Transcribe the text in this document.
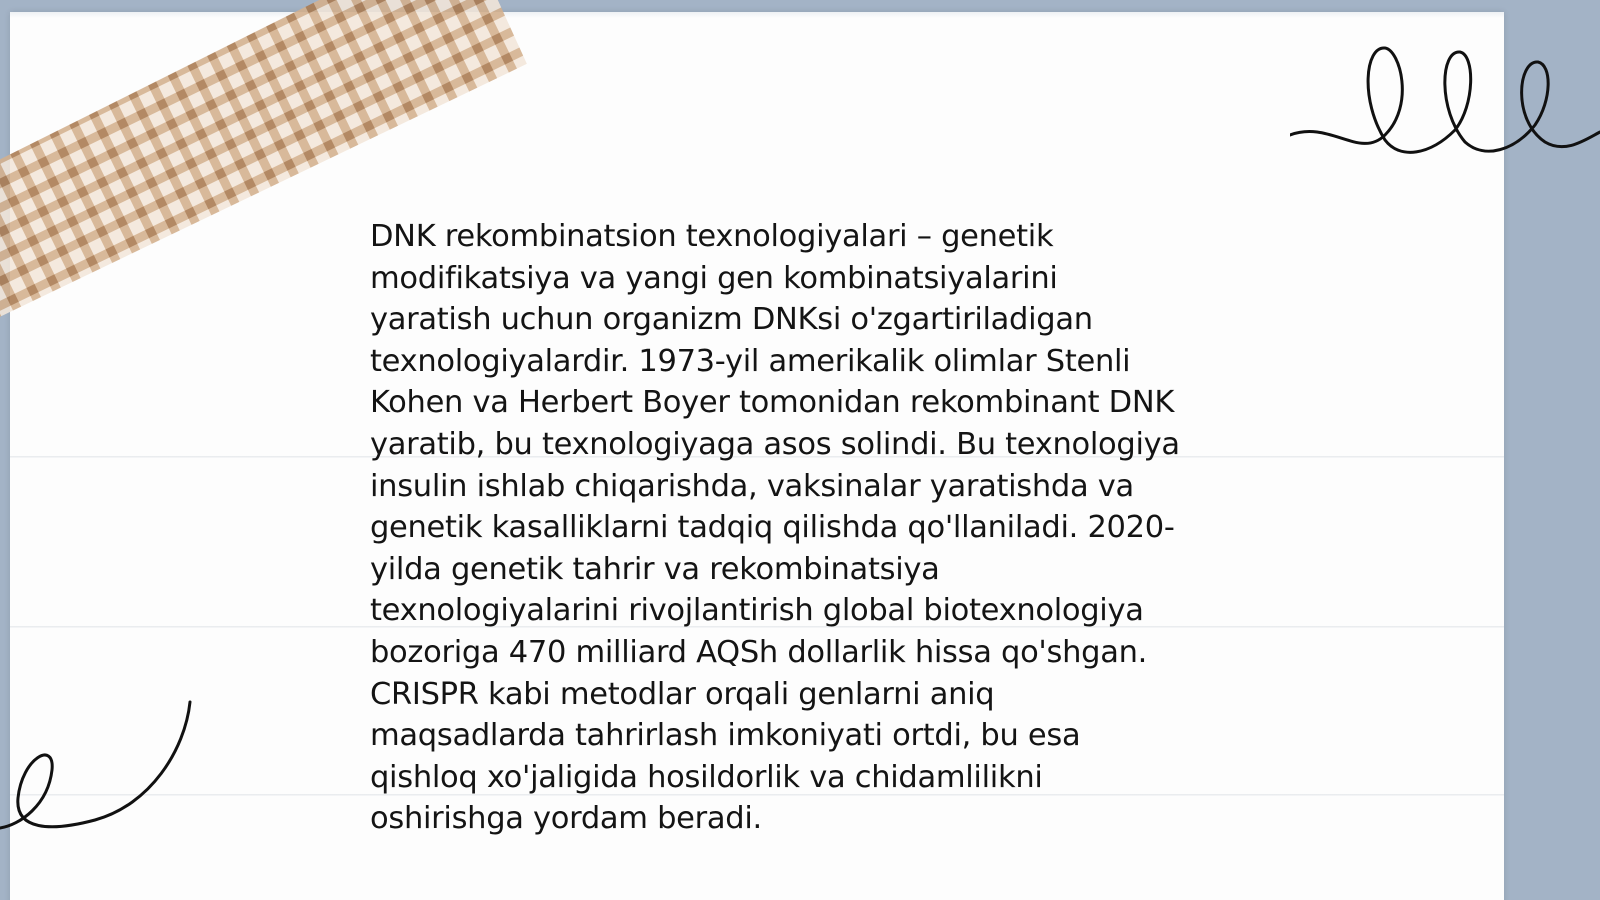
DNK rekombinatsion texnologiyalari – genetik
modifikatsiya va yangi gen kombinatsiyalarini
yaratish uchun organizm DNKsi o'zgartiriladigan
texnologiyalardir. 1973-yil amerikalik olimlar Stenli
Kohen va Herbert Boyer tomonidan rekombinant DNK
yaratib, bu texnologiyaga asos solindi. Bu texnologiya
insulin ishlab chiqarishda, vaksinalar yaratishda va
genetik kasalliklarni tadqiq qilishda qo'llaniladi. 2020-
yilda genetik tahrir va rekombinatsiya
texnologiyalarini rivojlantirish global biotexnologiya
bozoriga 470 milliard AQSh dollarlik hissa qo'shgan.
CRISPR kabi metodlar orqali genlarni aniq
maqsadlarda tahrirlash imkoniyati ortdi, bu esa
qishloq xo'jaligida hosildorlik va chidamlilikni
oshirishga yordam beradi.
